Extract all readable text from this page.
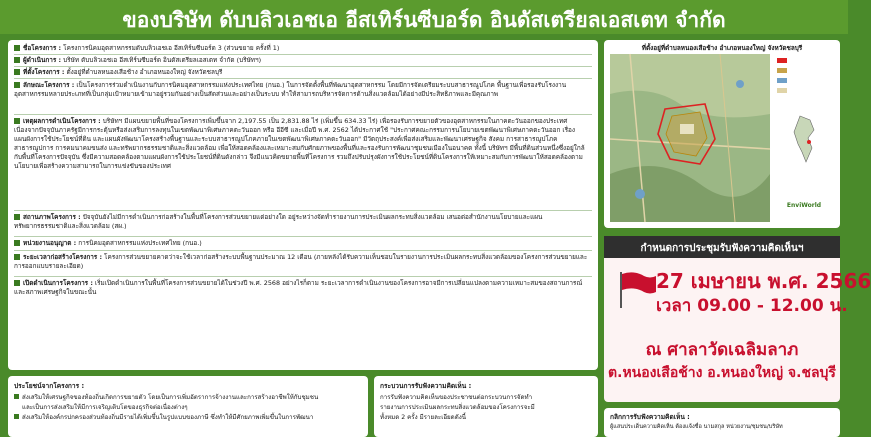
ของบริษัท ดับบลิวเอชเอ อีสเทิร์นซีบอร์ด อินดัสเตรียลเอสเตท จำกัด
ชื่อโครงการ : โครงการนิคมอุตสาหกรรมดับบลิวเอชเอ อีสเทิร์นซีบอร์ด 3 (ส่วนขยาย ครั้งที่ 1)
ผู้ดำเนินการ : บริษัท ดับบลิวเอชเอ อีสเทิร์นซีบอร์ด อินดัสเตรียลเอสเตท จำกัด (บริษัทฯ)
ที่ตั้งโครงการ : ตั้งอยู่ที่ตำบลหนองเสือช้าง อำเภอหนองใหญ่ จังหวัดชลบุรี
ลักษณะโครงการ : เป็นโครงการร่วมดำเนินงานกับการนิคมอุตสาหกรรมแห่งประเทศไทย (กนอ.) ในการจัดตั้งพื้นที่พัฒนาอุตสาหกรรม โดยมีการจัดเตรียมระบบสาธารณูปโภค พื้นฐานเพื่อรองรับโรงงานอุตสาหกรรมหลายประเภทที่เป็นกลุ่มเป้าหมายเข้ามาอยู่รวมกันอย่างเป็นสัดส่วนและอย่างเป็นระบบ ทำให้สามารถบริหารจัดการด้านสิ่งแวดล้อมได้อย่างมีประสิทธิภาพและมีคุณภาพ
เหตุผลการดำเนินโครงการ : บริษัทฯ มีแผนขยายพื้นที่ของโครงการเพิ่มขึ้นจาก 2,197.55 เป็น 2,831.88 ไร่ (เพิ่มขึ้น 634.33 ไร่) เพื่อรองรับการขยายตัวของอุตสาหกรรมในภาคตะวันออกของประเทศ เนื่องจากปัจจุบันภาครัฐมีการกระตุ้นหรือส่งเสริมการลงทุนในเขตพัฒนาพิเศษภาคตะวันออก หรือ อีอีซี และเมื่อปี พ.ศ. 2562 ได้ประกาศใช้ "ประกาศคณะกรรมการนโยบายเขตพัฒนาพิเศษภาคตะวันออก เรื่อง แผนผังการใช้ประโยชน์ที่ดิน และแผนผังพัฒนาโครงสร้างพื้นฐานและระบบสาธารณูปโภคภายในเขตพัฒนาพิเศษภาคตะวันออก" มีวัตถุประสงค์เพื่อส่งเสริมและพัฒนาเศรษฐกิจ สังคม การสาธารณูปโภค สาธารณูปการ การคมนาคมขนส่ง และทรัพยากรธรรมชาติและสิ่งแวดล้อม เพื่อให้สอดคล้องและเหมาะสมกับศักยภาพของพื้นที่และรองรับการพัฒนาชุมชนเมืองในอนาคต ทั้งนี้ บริษัทฯ มีพื้นที่ดินส่วนหนึ่งซึ่งอยู่ใกล้กับพื้นที่โครงการปัจจุบัน ซึ่งมีความสอดคล้องตามแผนผังการใช้ประโยชน์ที่ดินดังกล่าว จึงมีแนวคิดขยายพื้นที่โครงการ รวมถึงปรับปรุงผังการใช้ประโยชน์ที่ดินโครงการให้เหมาะสมกับการพัฒนาให้สอดคล้องตามนโยบายเพื่อสร้างความสามารถในการแข่งขันของประเทศ
สถานภาพโครงการ : ปัจจุบันยังไม่มีการดำเนินการก่อสร้างในพื้นที่โครงการส่วนขยายแต่อย่างใด อยู่ระหว่างจัดทำรายงานการประเมินผลกระทบสิ่งแวดล้อม เสนอต่อสำนักงานนโยบายและแผนทรัพยากรธรรมชาติและสิ่งแวดล้อม (สผ.)
หน่วยงานอนุญาต : การนิคมอุตสาหกรรมแห่งประเทศไทย (กนอ.)
ระยะเวลาก่อสร้างโครงการ : โครงการส่วนขยายคาดว่าจะใช้เวลาก่อสร้างระบบพื้นฐานประมาณ 12 เดือน (ภายหลังได้รับความเห็นชอบในรายงานการประเมินผลกระทบสิ่งแวดล้อมของโครงการส่วนขยายและการออกแบบรายละเอียด)
เปิดดำเนินการโครงการ : เริ่มเปิดดำเนินการในพื้นที่โครงการส่วนขยายได้ในช่วงปี พ.ศ. 2568 อย่างไรก็ตาม ระยะเวลาการดำเนินงานของโครงการอาจมีการเปลี่ยนแปลงตามความเหมาะสมของสถานการณ์และสภาพเศรษฐกิจในขณะนั้น
ที่ตั้งอยู่ที่ตำบลหนองเสือช้าง อำเภอหนองใหญ่ จังหวัดชลบุรี
EnviWorld
กำหนดการประชุมรับฟังความคิดเห็นฯ
27 เมษายน พ.ศ. 2566
เวลา 09.00 - 12.00 น.
ณ ศาลาวัดเฉลิมลาภ
ต.หนองเสือช้าง อ.หนองใหญ่ จ.ชลบุรี
ประโยชน์จากโครงการ :
ส่งเสริมให้เศรษฐกิจของท้องถิ่นเกิดการขยายตัว โดยเป็นการเพิ่มอัตราการจ้างงานและการสร้างอาชีพให้กับชุมชน
และเป็นการส่งเสริมให้มีการเจริญเติบโตของธุรกิจต่อเนื่องต่างๆ
ส่งเสริมให้องค์กรปกครองส่วนท้องถิ่นมีรายได้เพิ่มขึ้นในรูปแบบของภาษี ซึ่งทำให้มีศักยภาพเพิ่มขึ้นในการพัฒนา
กระบวนการรับฟังความคิดเห็น :
การรับฟังความคิดเห็นของประชาชนต่อกระบวนการจัดทำ
รายงานการประเมินผลกระทบสิ่งแวดล้อมของโครงการจะมี
ทั้งหมด 2 ครั้ง มีรายละเอียดดังนี้	กลิกการรับฟังความคิดเห็น :
ผู้แสนประเด็นความคิดเห็น ต้องแจ้งชื่อ นามสกุล หน่วยงาน/ชุมชน/บริษัท
